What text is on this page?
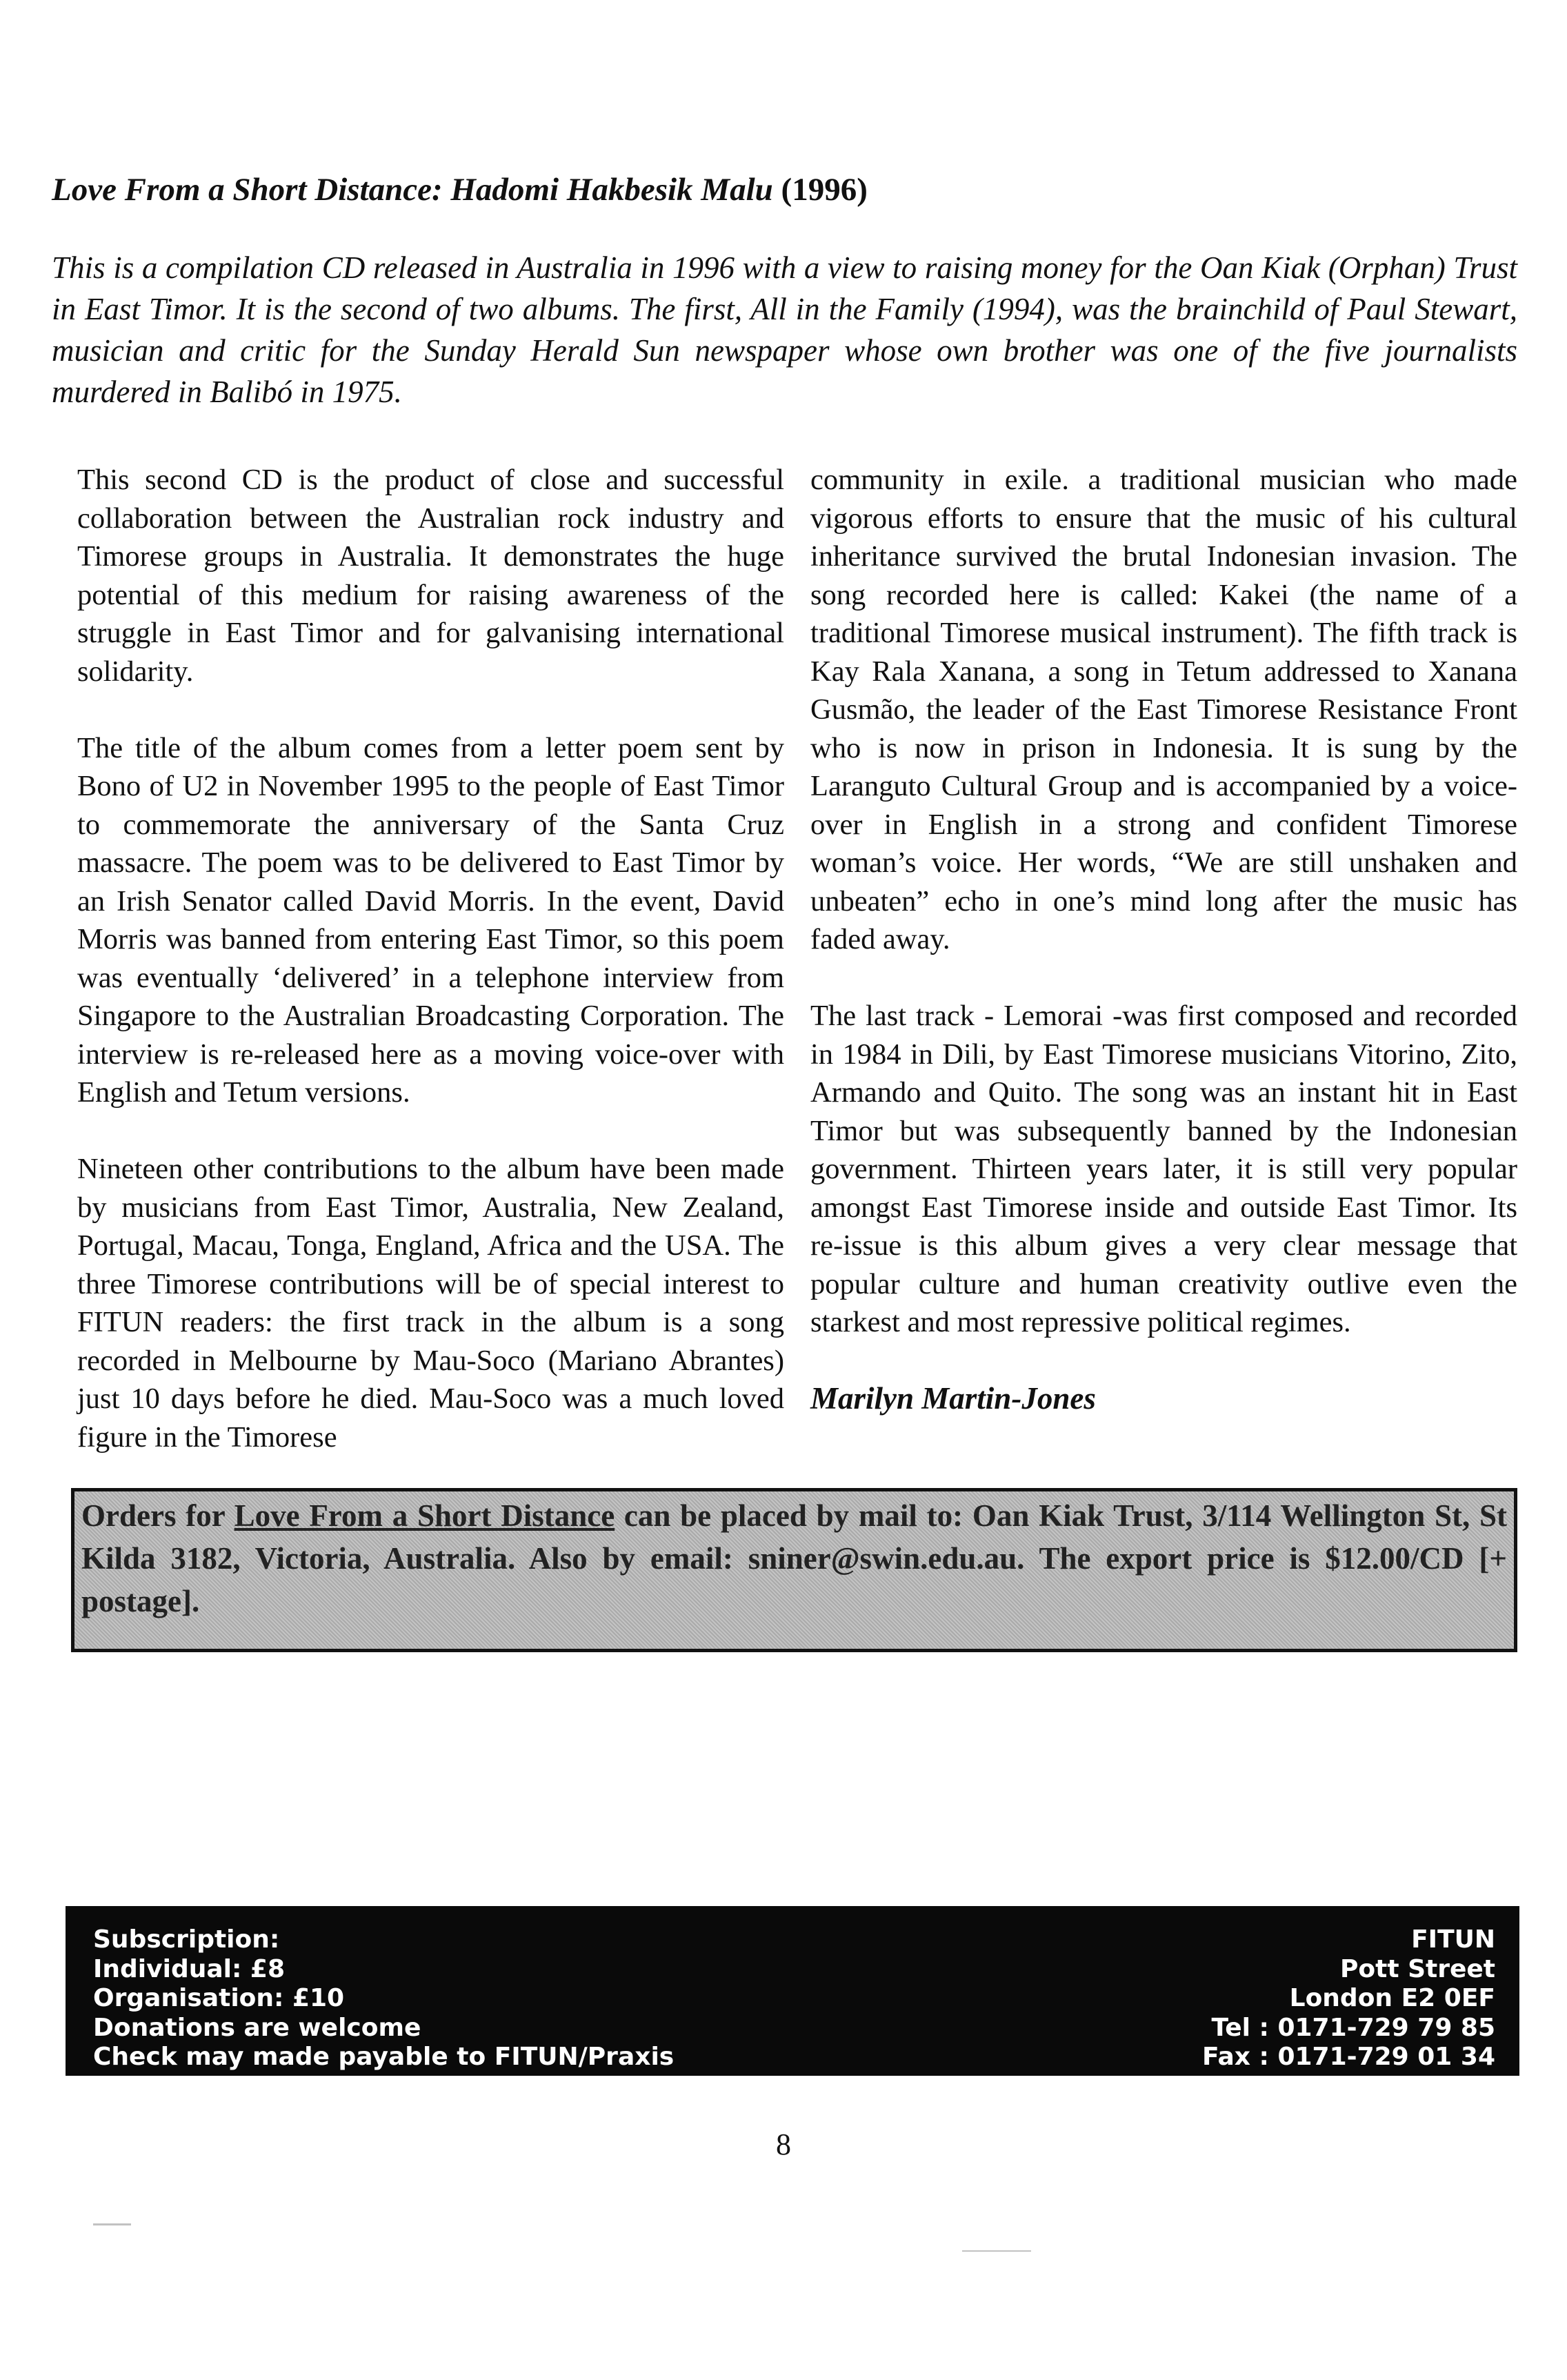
Love From a Short Distance: Hadomi Hakbesik Malu (1996)
This is a compilation CD released in Australia in 1996 with a view to raising money for the Oan Kiak (Orphan) Trust in East Timor. It is the second of two albums. The first, All in the Family (1994), was the brainchild of Paul Stewart, musician and critic for the Sunday Herald Sun newspaper whose own brother was one of the five journalists murdered in Balibó in 1975.

This second CD is the product of close and successful collaboration between the Australian rock industry and Timorese groups in Australia. It demonstrates the huge potential of this medium for raising awareness of the struggle in East Timor and for galvanising international solidarity.

The title of the album comes from a letter poem sent by Bono of U2 in November 1995 to the people of East Timor to commemorate the anniversary of the Santa Cruz massacre. The poem was to be delivered to East Timor by an Irish Senator called David Morris. In the event, David Morris was banned from entering East Timor, so this poem was eventually ‘delivered’ in a telephone interview from Singapore to the Australian Broadcasting Corporation. The interview is re-released here as a moving voice-over with English and Tetum versions.

Nineteen other contributions to the album have been made by musicians from East Timor, Australia, New Zealand, Portugal, Macau, Tonga, England, Africa and the USA. The three Timorese contributions will be of special interest to FITUN readers: the first track in the album is a song recorded in Melbourne by Mau-Soco (Mariano Abrantes) just 10 days before he died. Mau-Soco was a much loved figure in the Timorese

community in exile. a traditional musician who made vigorous efforts to ensure that the music of his cultural inheritance survived the brutal Indonesian invasion. The song recorded here is called: Kakei (the name of a traditional Timorese musical instrument). The fifth track is Kay Rala Xanana, a song in Tetum addressed to Xanana Gusmão, the leader of the East Timorese Resistance Front who is now in prison in Indonesia. It is sung by the Laranguto Cultural Group and is accompanied by a voice-over in English in a strong and confident Timorese woman’s voice. Her words, “We are still unshaken and unbeaten” echo in one’s mind long after the music has faded away.

The last track - Lemorai -was first composed and recorded in 1984 in Dili, by East Timorese musicians Vitorino, Zito, Armando and Quito. The song was an instant hit in East Timor but was subsequently banned by the Indonesian government. Thirteen years later, it is still very popular amongst East Timorese inside and outside East Timor. Its re-issue is this album gives a very clear message that popular culture and human creativity outlive even the starkest and most repressive political regimes.

Marilyn Martin-Jones
Orders for Love From a Short Distance can be placed by mail to: Oan Kiak Trust, 3/114 Wellington St, St Kilda 3182, Victoria, Australia. Also by email: sniner@swin.edu.au. The export price is $12.00/CD [+ postage].
Subscription:
Individual: £8
Organisation: £10
Donations are welcome
Check may made payable to FITUN/Praxis
FITUN
Pott Street
London E2 0EF
Tel : 0171-729 79 85
Fax : 0171-729 01 34
8
